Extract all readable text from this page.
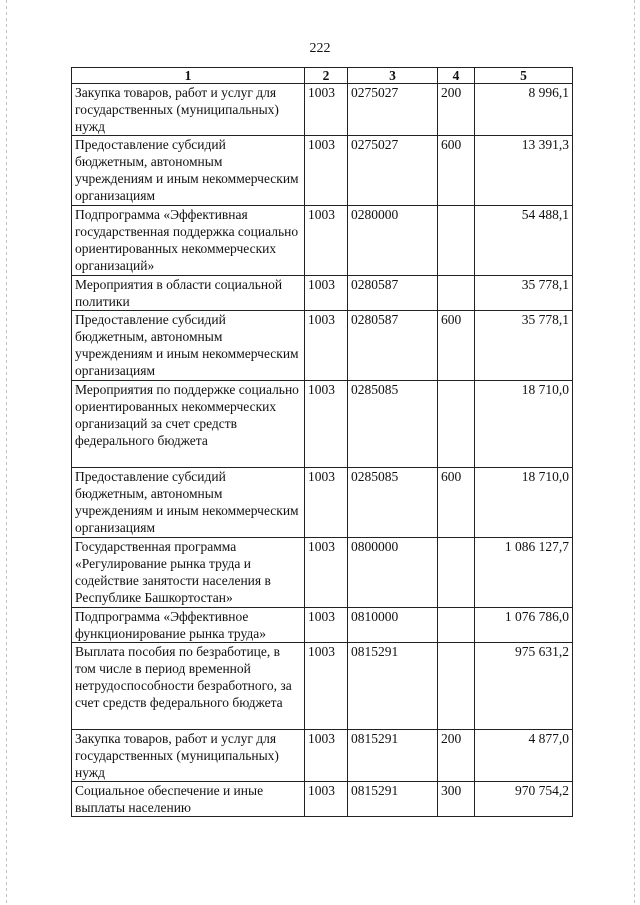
222
1	2	3	4	5
Закупка товаров, работ и услуг для государственных (муниципальных) нужд	1003	0275027	200	8 996,1
Предоставление субсидий бюджетным, автономным учреждениям и иным некоммерческим организациям	1003	0275027	600	13 391,3
Подпрограмма «Эффективная государственная поддержка социально ориентированных некоммерческих организаций»	1003	0280000		54 488,1
Мероприятия в области социальной политики	1003	0280587		35 778,1
Предоставление субсидий бюджетным, автономным учреждениям и иным некоммерческим организациям	1003	0280587	600	35 778,1
Мероприятия по поддержке социально ориентированных некоммерческих организаций за счет средств федерального бюджета	1003	0285085		18 710,0
Предоставление субсидий бюджетным, автономным учреждениям и иным некоммерческим организациям	1003	0285085	600	18 710,0
Государственная программа «Регулирование рынка труда и содействие занятости населения в Республике Башкортостан»	1003	0800000		1 086 127,7
Подпрограмма «Эффективное функционирование рынка труда»	1003	0810000		1 076 786,0
Выплата пособия по безработице, в том числе в период временной нетрудоспособности безработного, за счет средств федерального бюджета	1003	0815291		975 631,2
Закупка товаров, работ и услуг для государственных (муниципальных) нужд	1003	0815291	200	4 877,0
Социальное обеспечение и иные выплаты населению	1003	0815291	300	970 754,2
